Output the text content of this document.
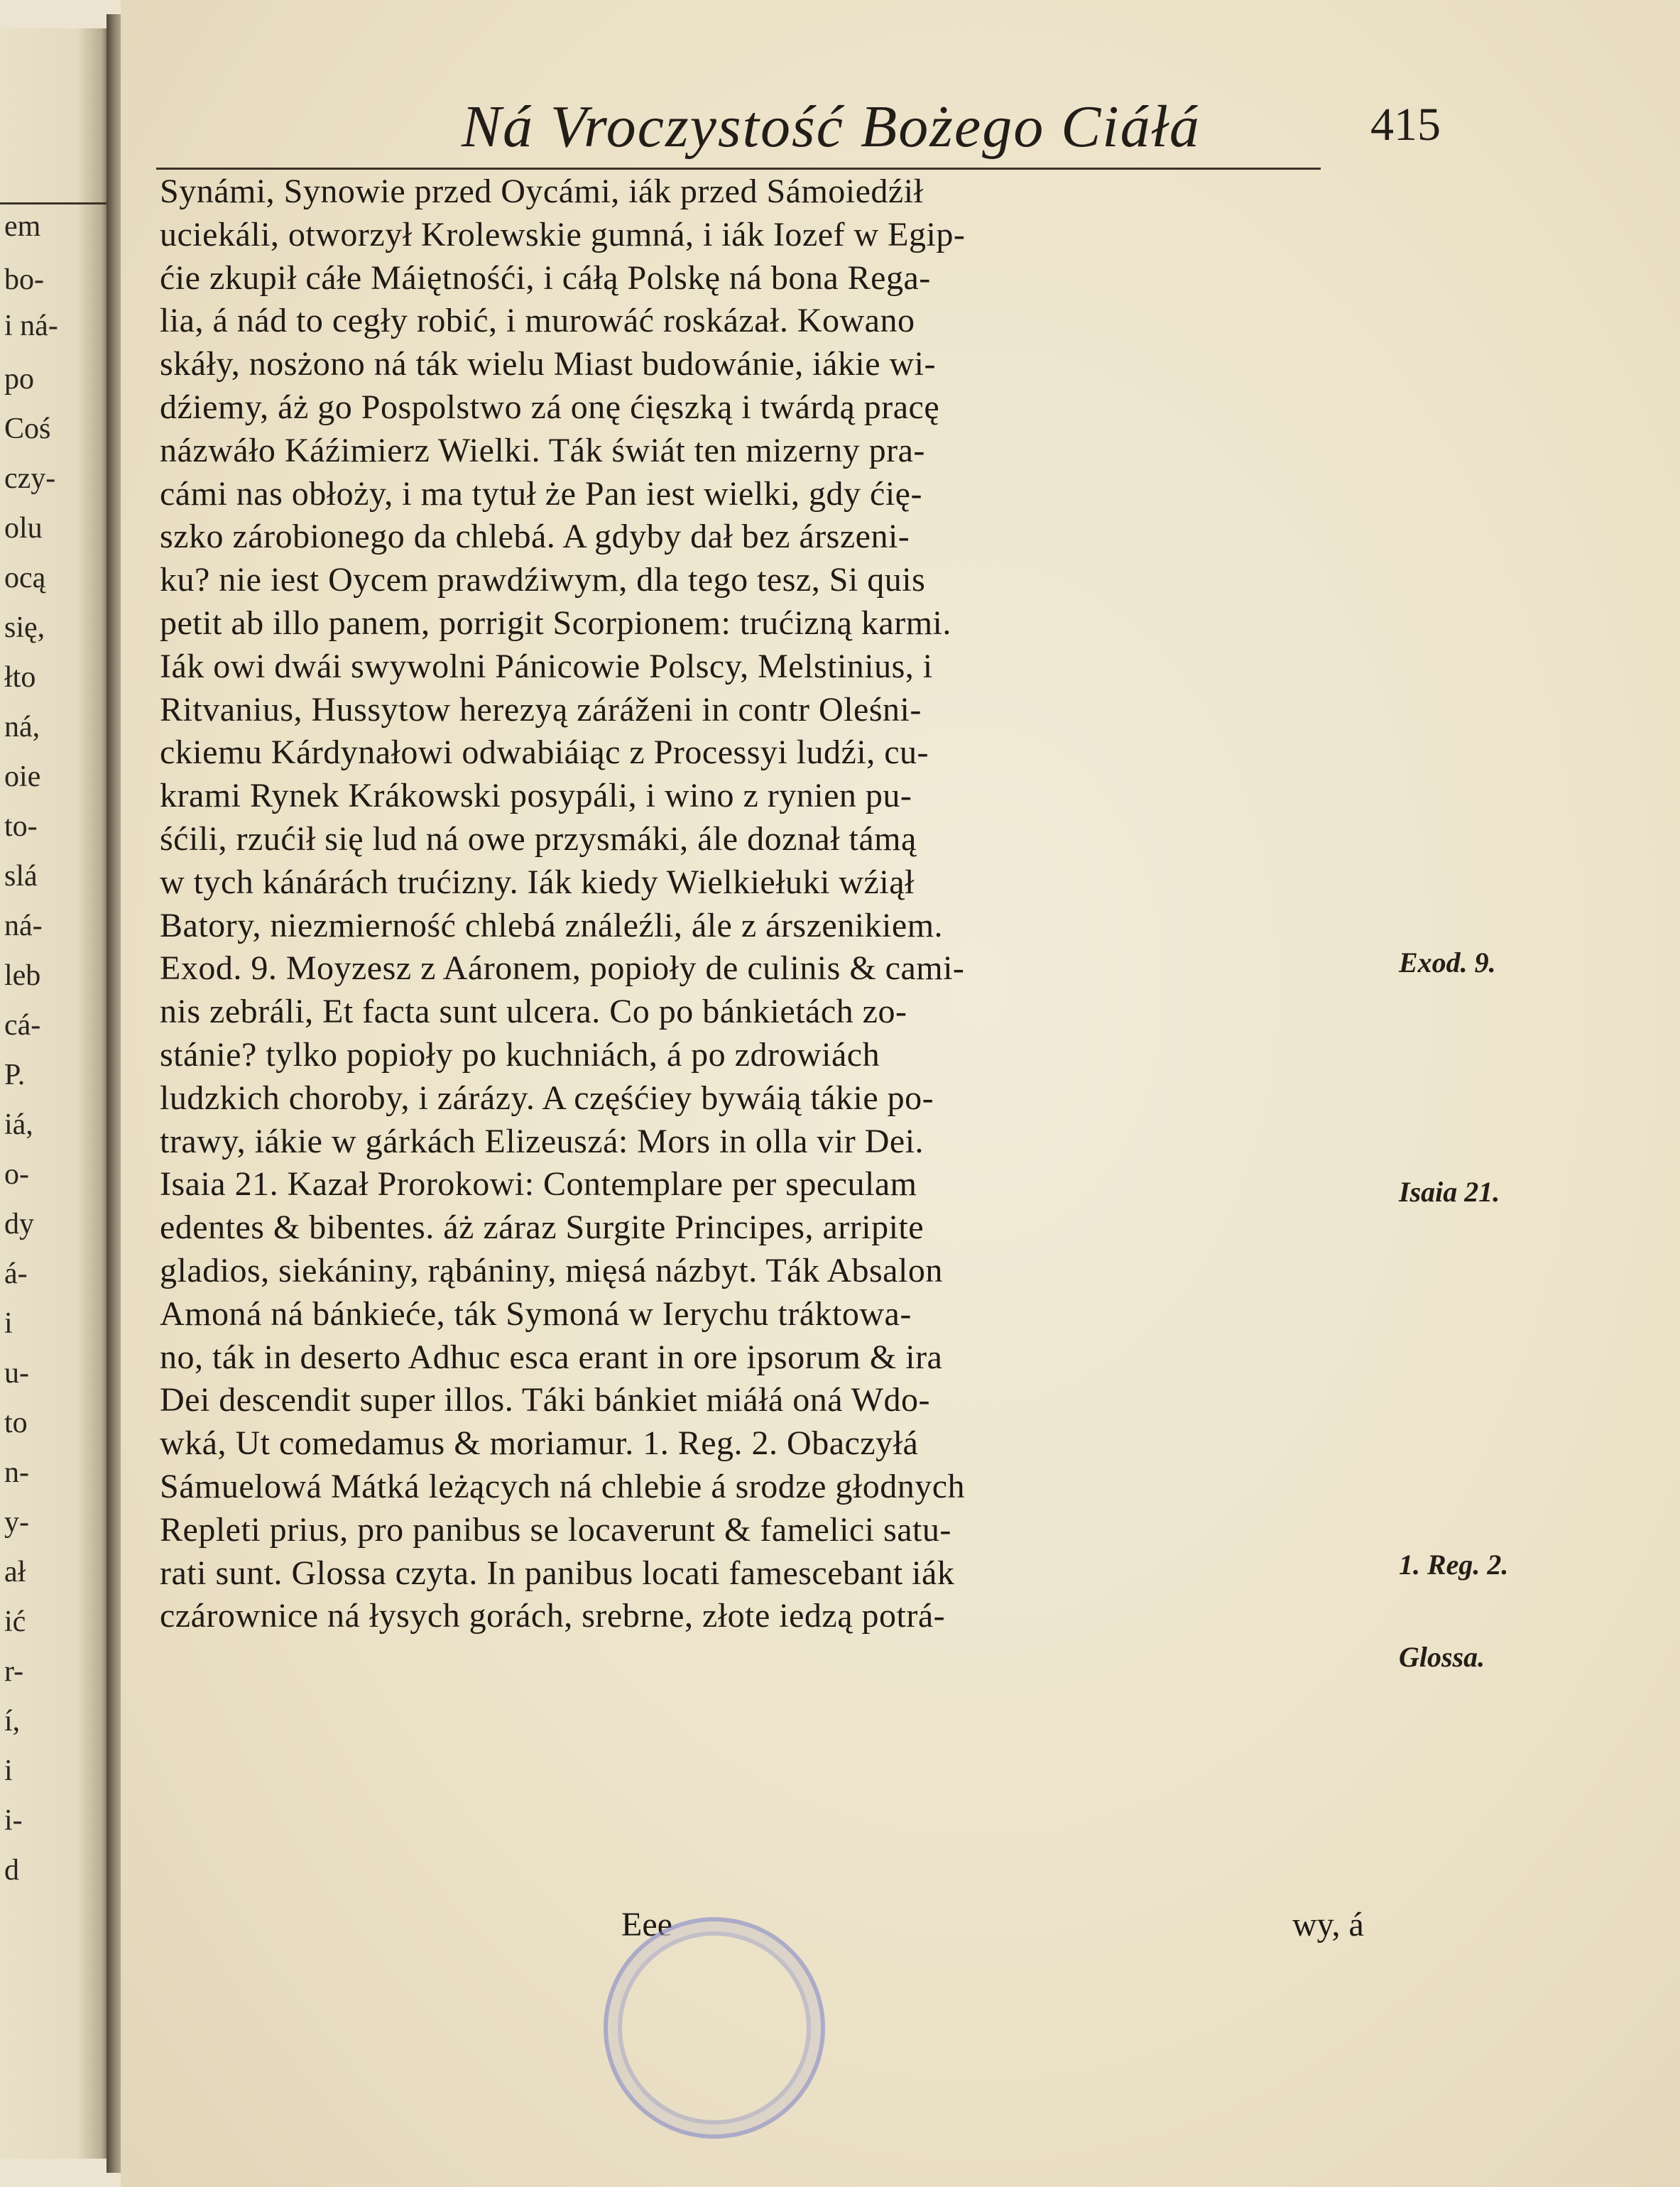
em
bo-
i ná-
po
Coś
czy-
olu
ocą
się,
łto
ná,
oie
to-
slá
ná-
leb
cá-
P.
iá,
o-
dy
á-
i
u-
to
n-
y-
ał
ić
r-
í,
i
i-
d
Ná Vroczystość Bożego Ciáłá	415
Synámi, Synowie przed Oycámi, iák przed Sámoiedźił
uciekáli, otworzył Krolewskie gumná, i iák Iozef w Egip-
ćie zkupił cáłe Máiętnośći, i cáłą Polskę ná bona Rega-
lia, á nád to cegły robić, i murowáć roskázał. Kowano
skáły, nosżono ná ták wielu Miast budowánie, iákie wi-
dźiemy, áż go Pospolstwo zá onę ćięszką i twárdą pracę
názwáło Káźimierz Wielki. Ták świát ten mizerny pra-
cámi nas obłoży, i ma tytuł że Pan iest wielki, gdy ćię-
szko zárobionego da chlebá. A gdyby dał bez árszeni-
ku? nie iest Oycem prawdźiwym, dla tego tesz, Si quis
petit ab illo panem, porrigit Scorpionem: trućizną karmi.
Iák owi dwái swywolni Pánicowie Polscy, Melstinius, i
Ritvanius, Hussytow herezyą záráženi in contr Oleśni-
ckiemu Kárdynałowi odwabiáiąc z Processyi ludźi, cu-
krami Rynek Krákowski posypáli, i wino z rynien pu-
śćili, rzućił się lud ná owe przysmáki, ále doznał támą
w tych kánárách trućizny. Iák kiedy Wielkiełuki wźiął
Batory, niezmierność chlebá ználeźli, ále z árszenikiem.
Exod. 9. Moyzesz z Aáronem, popioły de culinis & cami-
nis zebráli, Et facta sunt ulcera. Co po bánkietách zo-
stánie? tylko popioły po kuchniách, á po zdrowiách
ludzkich choroby, i zárázy. A częśćiey bywáią tákie po-
trawy, iákie w gárkách Elizeuszá: Mors in olla vir Dei.
Isaia 21. Kazał Prorokowi: Contemplare per speculam
edentes & bibentes. áż záraz Surgite Principes, arripite
gladios, siekániny, rąbániny, mięsá názbyt. Ták Absalon
Amoná ná bánkieće, ták Symoná w Ierychu tráktowa-
no, ták in deserto Adhuc esca erant in ore ipsorum & ira
Dei descendit super illos. Táki bánkiet miáłá oná Wdo-
wká, Ut comedamus & moriamur. 1. Reg. 2. Obaczyłá
Sámuelowá Mátká leżących ná chlebie á srodze głodnych
Repleti prius, pro panibus se locaverunt & famelici satu-
rati sunt. Glossa czyta. In panibus locati famescebant iák
czárownice ná łysych gorách, srebrne, złote iedzą potrá-
Eee	wy, á
Exod. 9.
Isaia 21.
1. Reg. 2.
Glossa.
